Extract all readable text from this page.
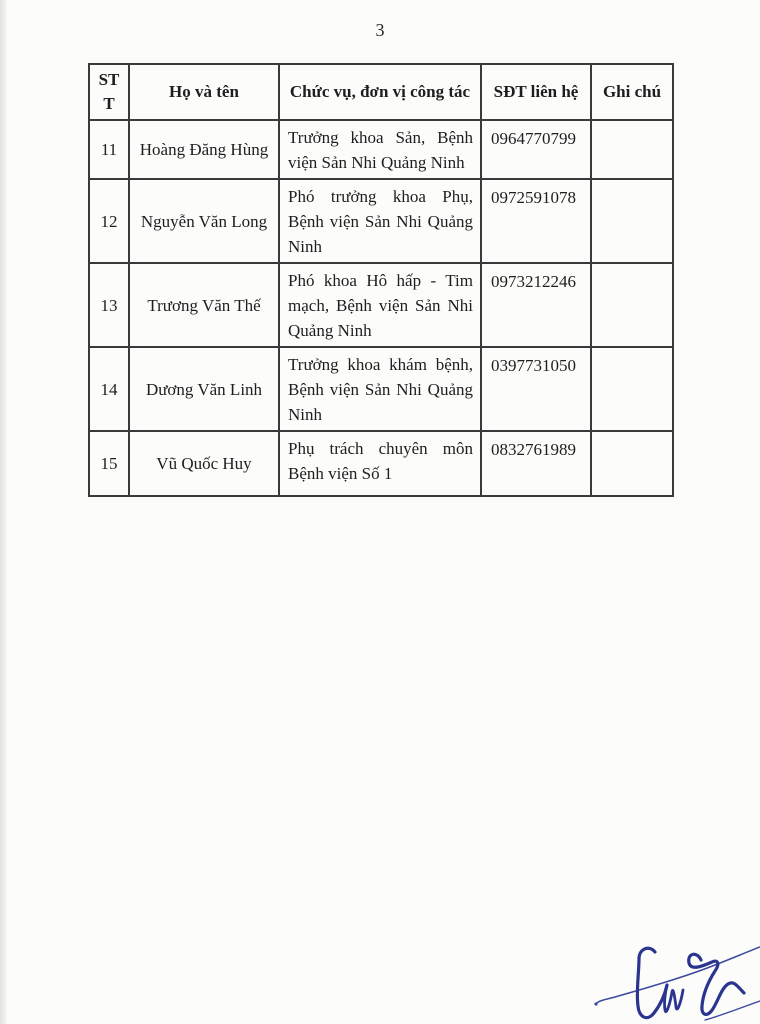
3
STT	Họ và tên	Chức vụ, đơn vị công tác	SĐT liên hệ	Ghi chú
11	Hoàng Đăng Hùng	Trưởng khoa Sản, Bệnh viện Sản Nhi Quảng Ninh	0964770799	
12	Nguyễn Văn Long	Phó trưởng khoa Phụ, Bệnh viện Sản Nhi Quảng Ninh	0972591078	
13	Trương Văn Thế	Phó khoa Hô hấp - Tim mạch, Bệnh viện Sản Nhi Quảng Ninh	0973212246	
14	Dương Văn Linh	Trưởng khoa khám bệnh, Bệnh viện Sản Nhi Quảng Ninh	0397731050	
15	Vũ Quốc Huy	Phụ trách chuyên môn Bệnh viện Số 1	0832761989	
